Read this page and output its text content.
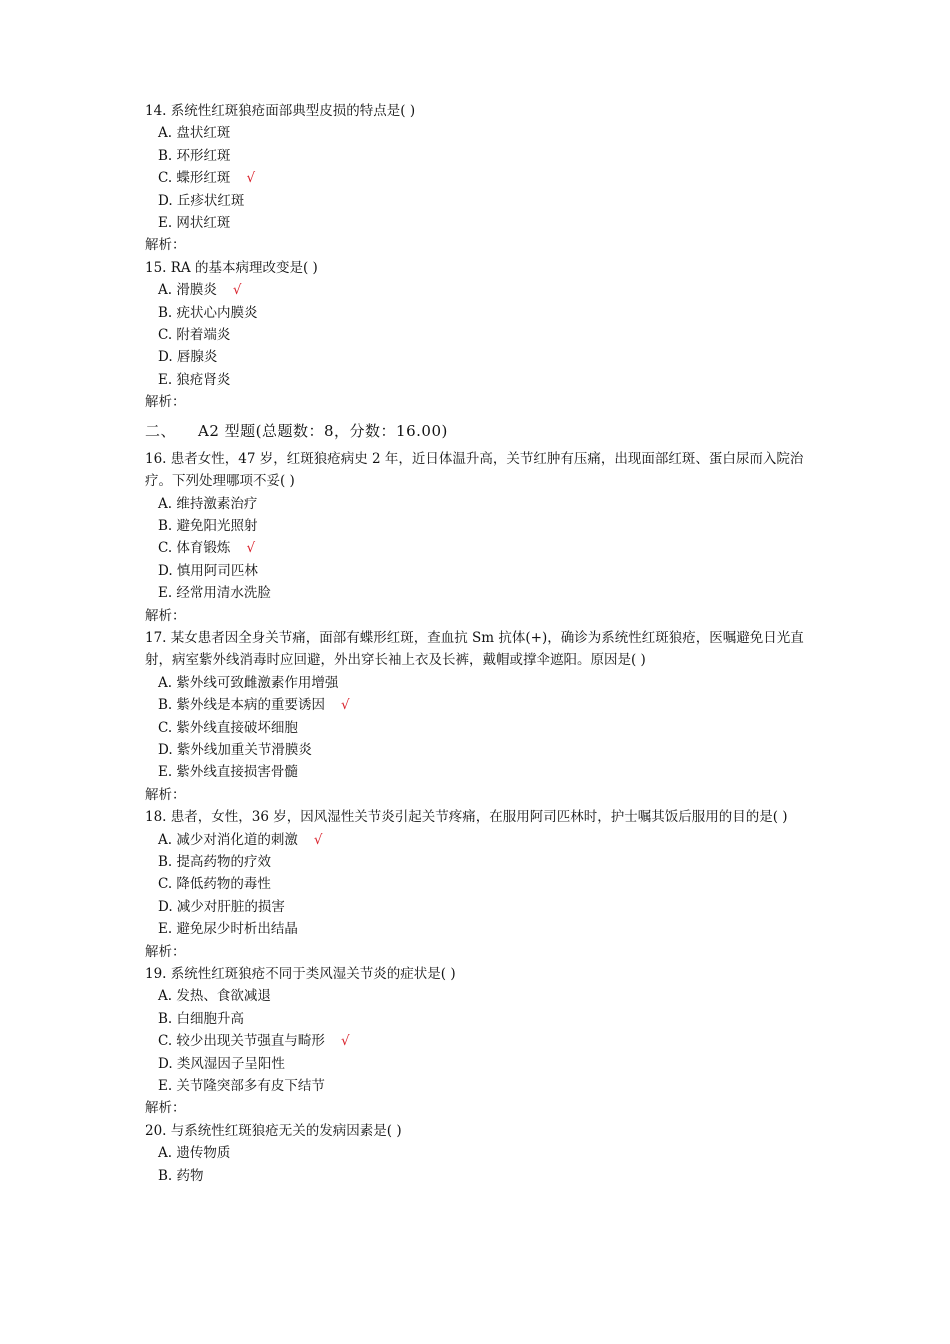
14. 系统性红斑狼疮面部典型皮损的特点是( )
A. 盘状红斑
B. 环形红斑
C. 蝶形红斑 √
D. 丘疹状红斑
E. 网状红斑
解析：
15. RA 的基本病理改变是( )
A. 滑膜炎 √
B. 疣状心内膜炎
C. 附着端炎
D. 唇腺炎
E. 狼疮肾炎
解析：
二、 A2 型题(总题数：8，分数：16.00)
16. 患者女性，47 岁，红斑狼疮病史 2 年，近日体温升高，关节红肿有压痛，出现面部红斑、蛋白尿而入院治疗。下列处理哪项不妥( )
A. 维持激素治疗
B. 避免阳光照射
C. 体育锻炼 √
D. 慎用阿司匹林
E. 经常用清水洗脸
解析：
17. 某女患者因全身关节痛，面部有蝶形红斑，查血抗 Sm 抗体(+)，确诊为系统性红斑狼疮，医嘱避免日光直射，病室紫外线消毒时应回避，外出穿长袖上衣及长裤，戴帽或撑伞遮阳。原因是( )
A. 紫外线可致雌激素作用增强
B. 紫外线是本病的重要诱因 √
C. 紫外线直接破坏细胞
D. 紫外线加重关节滑膜炎
E. 紫外线直接损害骨髓
解析：
18. 患者，女性，36 岁，因风湿性关节炎引起关节疼痛，在服用阿司匹林时，护士嘱其饭后服用的目的是( )
A. 减少对消化道的刺激 √
B. 提高药物的疗效
C. 降低药物的毒性
D. 减少对肝脏的损害
E. 避免尿少时析出结晶
解析：
19. 系统性红斑狼疮不同于类风湿关节炎的症状是( )
A. 发热、食欲减退
B. 白细胞升高
C. 较少出现关节强直与畸形 √
D. 类风湿因子呈阳性
E. 关节隆突部多有皮下结节
解析：
20. 与系统性红斑狼疮无关的发病因素是( )
A. 遗传物质
B. 药物
